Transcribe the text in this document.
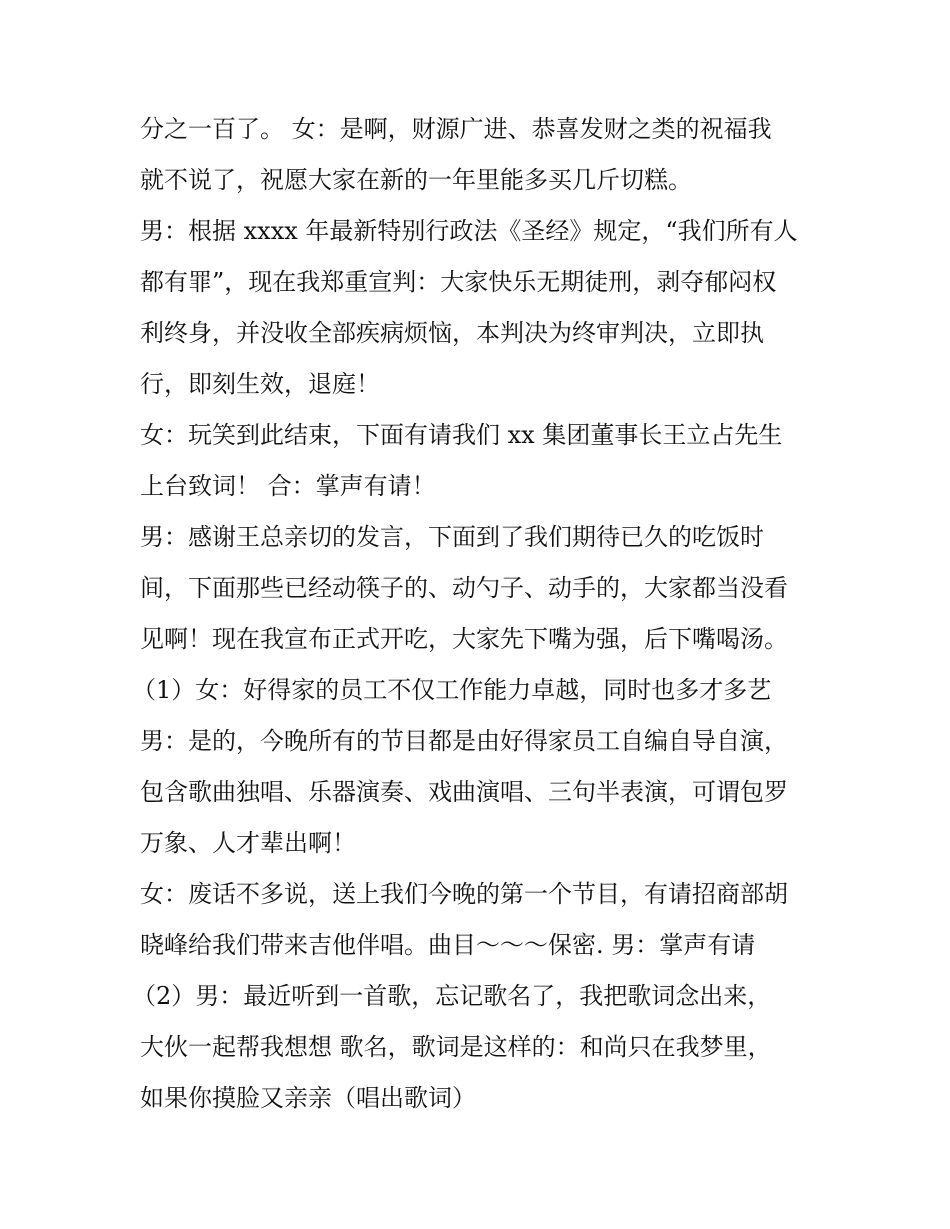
分之一百了。 女：是啊，财源广进、恭喜发财之类的祝福我
就不说了，祝愿大家在新的一年里能多买几斤切糕。
男：根据 xxxx 年最新特别行政法《圣经》规定，“我们所有人
都有罪”，现在我郑重宣判：大家快乐无期徒刑，剥夺郁闷权
利终身，并没收全部疾病烦恼，本判决为终审判决，立即执
行，即刻生效，退庭！
女：玩笑到此结束，下面有请我们 xx 集团董事长王立占先生
上台致词！ 合：掌声有请！
男：感谢王总亲切的发言，下面到了我们期待已久的吃饭时
间，下面那些已经动筷子的、动勺子、动手的，大家都当没看
见啊！现在我宣布正式开吃，大家先下嘴为强，后下嘴喝汤。
（1）女：好得家的员工不仅工作能力卓越，同时也多才多艺
男：是的，今晚所有的节目都是由好得家员工自编自导自演，
包含歌曲独唱、乐器演奏、戏曲演唱、三句半表演，可谓包罗
万象、人才辈出啊！
女：废话不多说，送上我们今晚的第一个节目，有请招商部胡
晓峰给我们带来吉他伴唱。曲目～～～保密. 男：掌声有请
（2）男：最近听到一首歌，忘记歌名了，我把歌词念出来，
大伙一起帮我想想 歌名，歌词是这样的：和尚只在我梦里，
如果你摸脸又亲亲（唱出歌词）
